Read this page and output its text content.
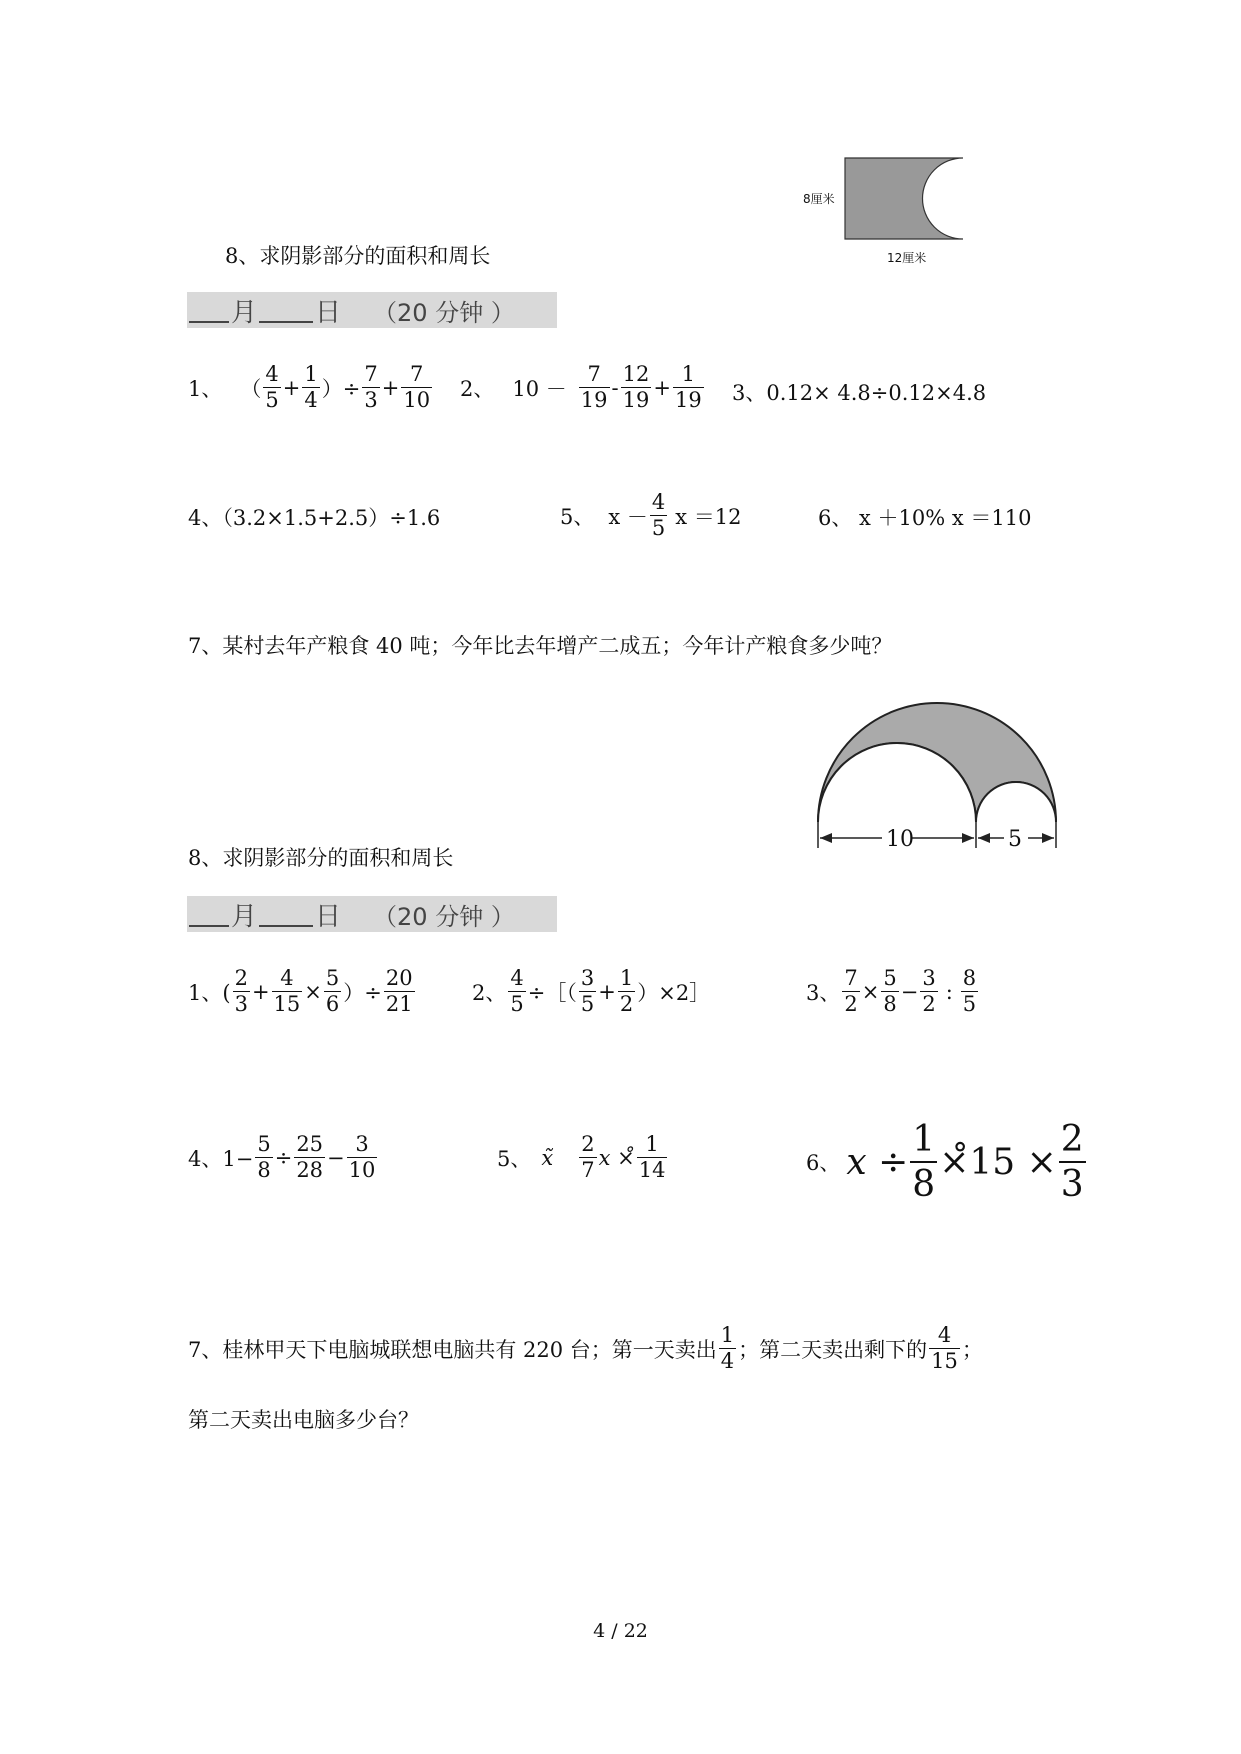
8、求阴影部分的面积和周长
8厘米
12厘米
月 日 （20 分钟 ）
1、 （ $\frac{4}{5} + \frac{1}{4}$ ）÷ $\frac{7}{3} + \frac{7}{10} 2$、 $10 - \frac{7}{19} - \frac{12}{19} + \frac{1}{19} 3$、0.12× 4.8÷0.12×4.8
4、（3.2×1.5+2.5）÷1.6	5、 $x - \frac{4}{5}$ x ＝12	6、 x ＋10% x ＝110
7、某村去年产粮食 40 吨；今年比去年增产二成五；今年计产粮食多少吨？
10	5
8、求阴影部分的面积和周长
月 日 （20 分钟 ）
1、( $\frac{2}{3} + \frac{4}{15} \times \frac{5}{6}$ ）÷ $\frac{20}{21}$	2、 $\frac{4}{5}$ ÷［（ $\frac{3}{5} + \frac{1}{2}$ ）×2］	3、 $\frac{7}{2} \times \frac{5}{8} - \frac{3}{2}$ : $\frac{8}{5}$
4、$1- \frac{5}{8} \div \frac{25}{28} - \frac{3}{10}$	5、 x̃ $\frac{2}{7}$ x ×̊ $\frac{1}{14}$	6、 $x \div \frac{1}{8}$ ×̊15 × $\frac{2}{3}$
7、桂林甲天下电脑城联想电脑共有 220 台；第一天卖出 $\frac{1}{4}$ ；第二天卖出剩下的 $\frac{4}{15}$ ；
第二天卖出电脑多少台？
4 / 22
